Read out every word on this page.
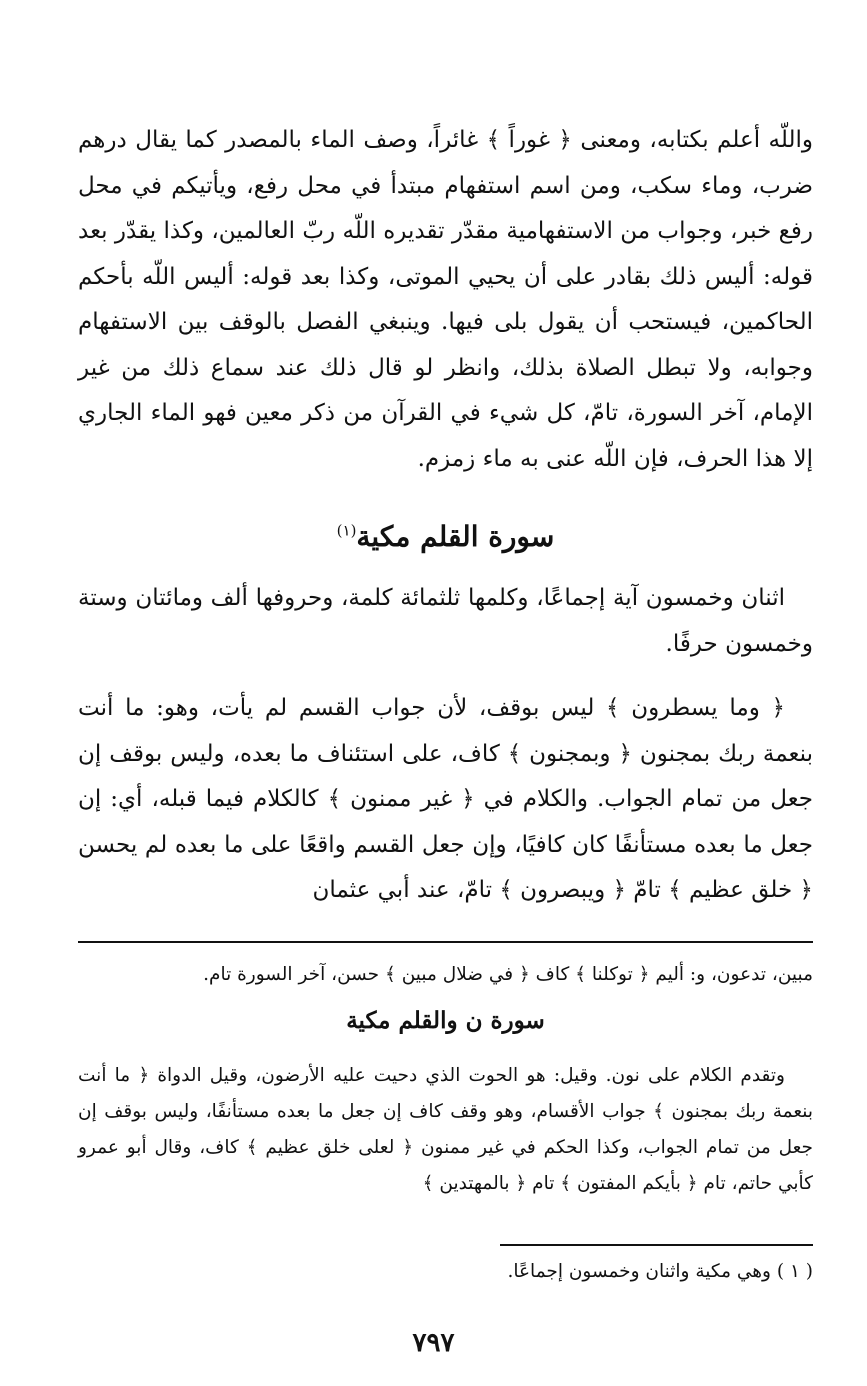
واللّه أعلم بكتابه، ومعنى ﴿ غوراً ﴾ غائراً، وصف الماء بالمصدر كما يقال درهم ضرب، وماء سكب، ومن اسم استفهام مبتدأ في محل رفع، ويأتيكم في محل رفع خبر، وجواب من الاستفهامية مقدّر تقديره اللّه ربّ العالمين، وكذا يقدّر بعد قوله: أليس ذلك بقادر على أن يحيي الموتى، وكذا بعد قوله: أليس اللّه بأحكم الحاكمين، فيستحب أن يقول بلى فيها. وينبغي الفصل بالوقف بين الاستفهام وجوابه، ولا تبطل الصلاة بذلك، وانظر لو قال ذلك عند سماع ذلك من غير الإمام، آخر السورة، تامّ، كل شيء في القرآن من ذكر معين فهو الماء الجاري إلا هذا الحرف، فإن اللّه عنى به ماء زمزم.

سورة القلم مكية$^{(١)}$

اثنان وخمسون آية إجماعًا، وكلمها ثلثمائة كلمة، وحروفها ألف ومائتان وستة وخمسون حرفًا.

﴿ وما يسطرون ﴾ ليس بوقف، لأن جواب القسم لم يأت، وهو: ما أنت بنعمة ربك بمجنون ﴿ وبمجنون ﴾ كاف، على استئناف ما بعده، وليس بوقف إن جعل من تمام الجواب. والكلام في ﴿ غير ممنون ﴾ كالكلام فيما قبله، أي: إن جعل ما بعده مستأنفًا كان كافيًا، وإن جعل القسم واقعًا على ما بعده لم يحسن ﴿ خلق عظيم ﴾ تامّ ﴿ ويبصرون ﴾ تامّ، عند أبي عثمان

مبين، تدعون، و: أليم ﴿ توكلنا ﴾ كاف ﴿ في ضلال مبين ﴾ حسن، آخر السورة تام.

سورة ن والقلم مكية

وتقدم الكلام على نون. وقيل: هو الحوت الذي دحيت عليه الأرضون، وقيل الدواة ﴿ ما أنت بنعمة ربك بمجنون ﴾ جواب الأقسام، وهو وقف كاف إن جعل ما بعده مستأنفًا، وليس بوقف إن جعل من تمام الجواب، وكذا الحكم في غير ممنون ﴿ لعلى خلق عظيم ﴾ كاف، وقال أبو عمرو كأبي حاتم، تام ﴿ بأيكم المفتون ﴾ تام ﴿ بالمهتدين ﴾

( ١ ) وهي مكية واثنان وخمسون إجماعًا.

٧٩٧
